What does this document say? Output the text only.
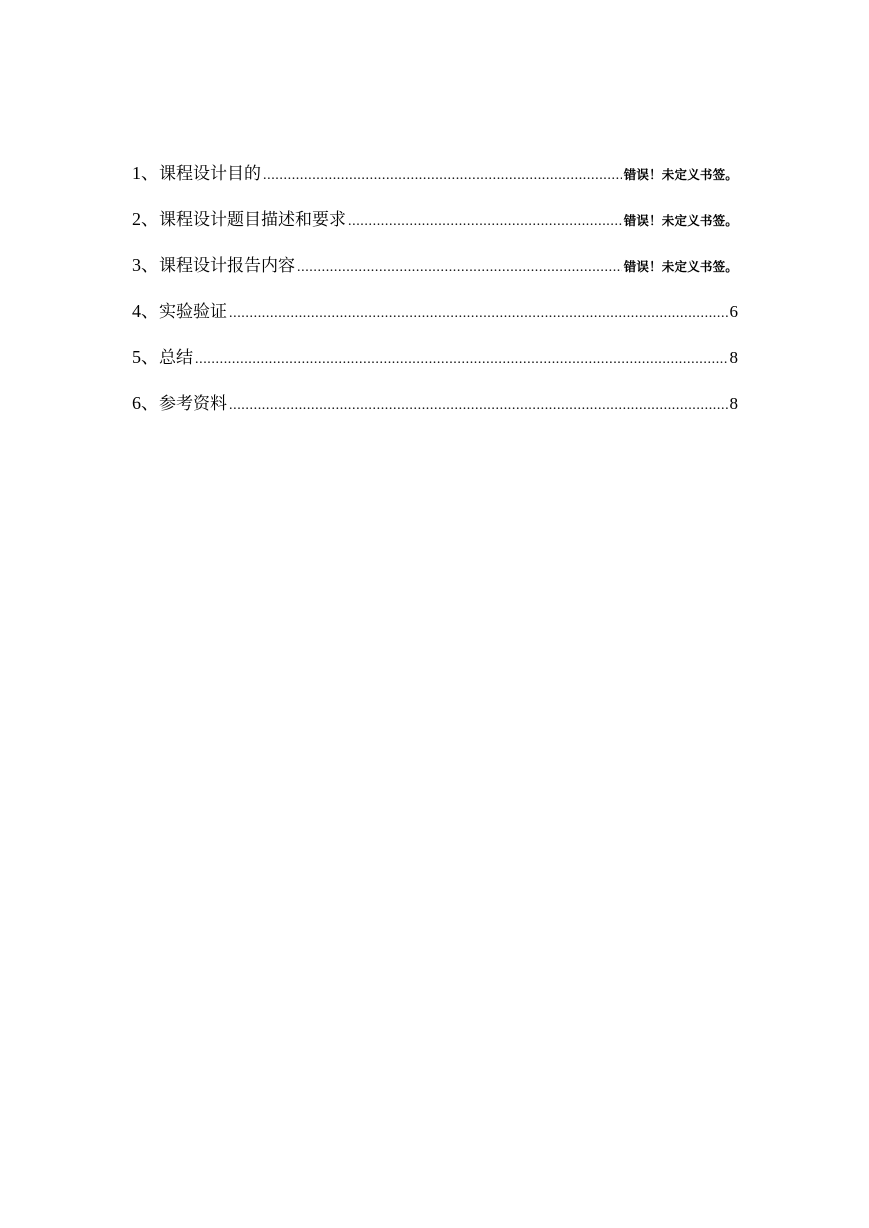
1、 课程设计目的 .....	错误！未定义书签。
2、 课程设计题目描述和要求 .....	错误！未定义书签。
3、 课程设计报告内容 .....	错误！未定义书签。
4、 实验验证 .....	6
5、 总结 .....	8
6、 参考资料 .....	8
